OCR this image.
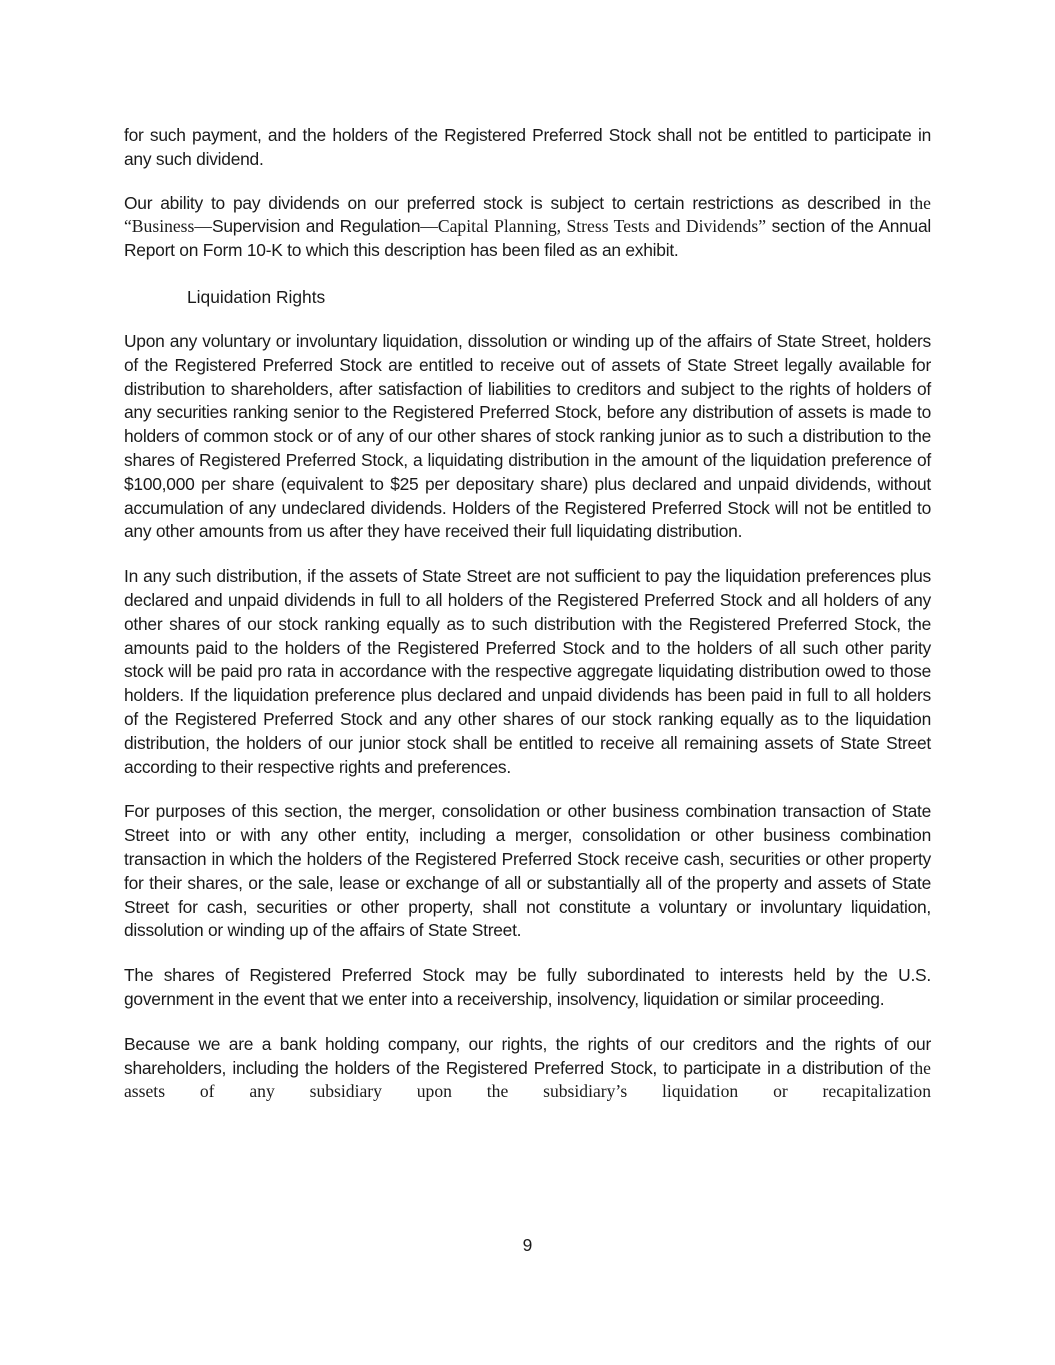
for such payment, and the holders of the Registered Preferred Stock shall not be entitled to participate in any such dividend.

Our ability to pay dividends on our preferred stock is subject to certain restrictions as described in the “Business—Supervision and Regulation—Capital Planning, Stress Tests and Dividends” section of the Annual Report on Form 10-K to which this description has been filed as an exhibit.

Liquidation Rights

Upon any voluntary or involuntary liquidation, dissolution or winding up of the affairs of State Street, holders of the Registered Preferred Stock are entitled to receive out of assets of State Street legally available for distribution to shareholders, after satisfaction of liabilities to creditors and subject to the rights of holders of any securities ranking senior to the Registered Preferred Stock, before any distribution of assets is made to holders of common stock or of any of our other shares of stock ranking junior as to such a distribution to the shares of Registered Preferred Stock, a liquidating distribution in the amount of the liquidation preference of $100,000 per share (equivalent to $25 per depositary share) plus declared and unpaid dividends, without accumulation of any undeclared dividends. Holders of the Registered Preferred Stock will not be entitled to any other amounts from us after they have received their full liquidating distribution.

In any such distribution, if the assets of State Street are not sufficient to pay the liquidation preferences plus declared and unpaid dividends in full to all holders of the Registered Preferred Stock and all holders of any other shares of our stock ranking equally as to such distribution with the Registered Preferred Stock, the amounts paid to the holders of the Registered Preferred Stock and to the holders of all such other parity stock will be paid pro rata in accordance with the respective aggregate liquidating distribution owed to those holders. If the liquidation preference plus declared and unpaid dividends has been paid in full to all holders of the Registered Preferred Stock and any other shares of our stock ranking equally as to the liquidation distribution, the holders of our junior stock shall be entitled to receive all remaining assets of State Street according to their respective rights and preferences.

For purposes of this section, the merger, consolidation or other business combination transaction of State Street into or with any other entity, including a merger, consolidation or other business combination transaction in which the holders of the Registered Preferred Stock receive cash, securities or other property for their shares, or the sale, lease or exchange of all or substantially all of the property and assets of State Street for cash, securities or other property, shall not constitute a voluntary or involuntary liquidation, dissolution or winding up of the affairs of State Street.

The shares of Registered Preferred Stock may be fully subordinated to interests held by the U.S. government in the event that we enter into a receivership, insolvency, liquidation or similar proceeding.

Because we are a bank holding company, our rights, the rights of our creditors and the rights of our shareholders, including the holders of the Registered Preferred Stock, to participate in a distribution of the assets of any subsidiary upon the subsidiary’s liquidation or recapitalization

9
